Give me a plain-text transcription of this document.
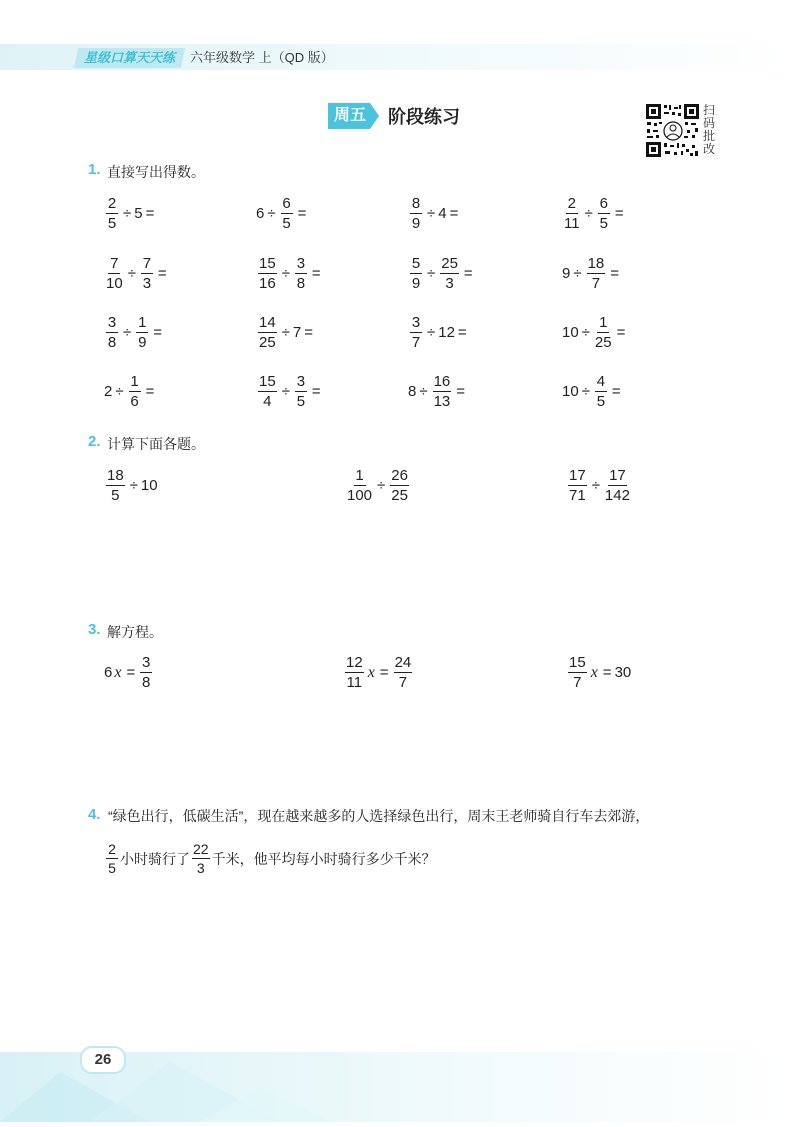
星级口算天天练	六年级数学 上（QD 版）
周五 阶段练习	扫
码
批
改
1. 直接写出得数。
2. 计算下面各题。
3. 解方程。
4. “绿色出行，低碳生活”，现在越来越多的人选择绿色出行，周末王老师骑自行车去郊游，
$\frac{2}{5}$ 小时骑行了 $\frac{22}{3}$ 千米，他平均每小时骑行多少千米？
26
$\frac{2}{5} \div 5$ =	$6 \div \frac{6}{5}$ =	$\frac{8}{9} \div 4$ =	$\frac{2}{11} \div \frac{6}{5}$ =
$\frac{7}{10} \div \frac{7}{3}$ =	$\frac{15}{16} \div \frac{3}{8}$ =	$\frac{5}{9} \div \frac{25}{3}$ =	$9 \div \frac{18}{7}$ =
$\frac{3}{8} \div \frac{1}{9}$ =	$\frac{14}{25} \div 7$ =	$\frac{3}{7} \div 12$ =	$10 \div \frac{1}{25}$ =
$2 \div \frac{1}{6}$ =	$\frac{15}{4} \div \frac{3}{5}$ =	$8 \div \frac{16}{13}$ =	$10 \div \frac{4}{5}$ =
$\frac{18}{5} \div 10$	$\frac{1}{100} \div \frac{26}{25}$	$\frac{17}{71} \div \frac{17}{142}$
6 $x = \frac{3}{8}$	$\frac{12}{11}$ $x = \frac{24}{7}$	$\frac{15}{7}$ x = 30
